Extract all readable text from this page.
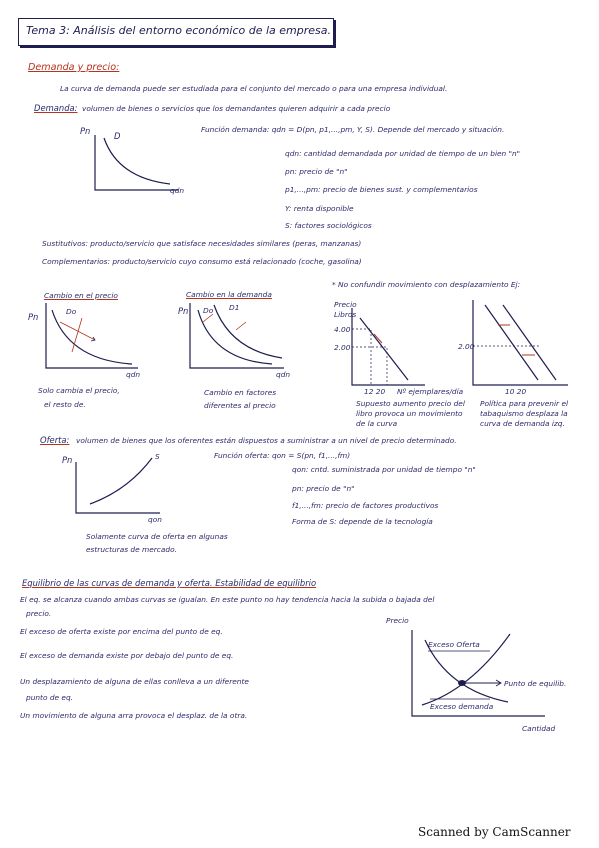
Tema 3: Análisis del entorno económico de la empresa.
Demanda y precio:
La curva de demanda puede ser estudiada para el conjunto del mercado o para una empresa individual.
Demanda: volumen de bienes o servicios que los demandantes quieren adquirir a cada precio
Pn	D
qdn
Función demanda: qdn = D(pn, p1,...,pm, Y, S). Depende del mercado y situación.
qdn: cantidad demandada por unidad de tiempo de un bien "n"
pn: precio de "n"
p1,...,pm: precio de bienes sust. y complementarios
Y: renta disponible
S: factores sociológicos
Sustitutivos: producto/servicio que satisface necesidades similares (peras, manzanas)
Complementarios: producto/servicio cuyo consumo está relacionado (coche, gasolina)
Cambio en el precio	Cambio en la demanda
* No confundir movimiento con desplazamiento Ej:
Pn
Do
qdn
Solo cambia el precio,
el resto de.
Pn Do D1
qdn
Cambio en factores
diferentes al precio
Precio
Libros
4.00
2.00
12 20 Nº ejemplares/día
Supuesto aumento precio del
libro provoca un movimiento
de la curva
2.00
10 20
Política para prevenir el
tabaquismo desplaza la
curva de demanda izq.
Oferta: volumen de bienes que los oferentes están dispuestos a suministrar a un nivel de precio determinado.
Pn	S
qon
Función oferta: qon = S(pn, f1,...,fm)
qon: cntd. suministrada por unidad de tiempo "n"
pn: precio de "n"
f1,...,fm: precio de factores productivos
Forma de S: depende de la tecnología
Solamente curva de oferta en algunas
estructuras de mercado.
Equilibrio de las curvas de demanda y oferta. Estabilidad de equilibrio
El eq. se alcanza cuando ambas curvas se igualan. En este punto no hay tendencia hacia la subida o bajada del
precio.
El exceso de oferta existe por encima del punto de eq.
El exceso de demanda existe por debajo del punto de eq.
Un desplazamiento de alguna de ellas conlleva a un diferente
punto de eq.
Un movimiento de alguna arra provoca el desplaz. de la otra.
Precio
Exceso Oferta
Punto de equilib.
Exceso demanda
Cantidad
Scanned by CamScanner
